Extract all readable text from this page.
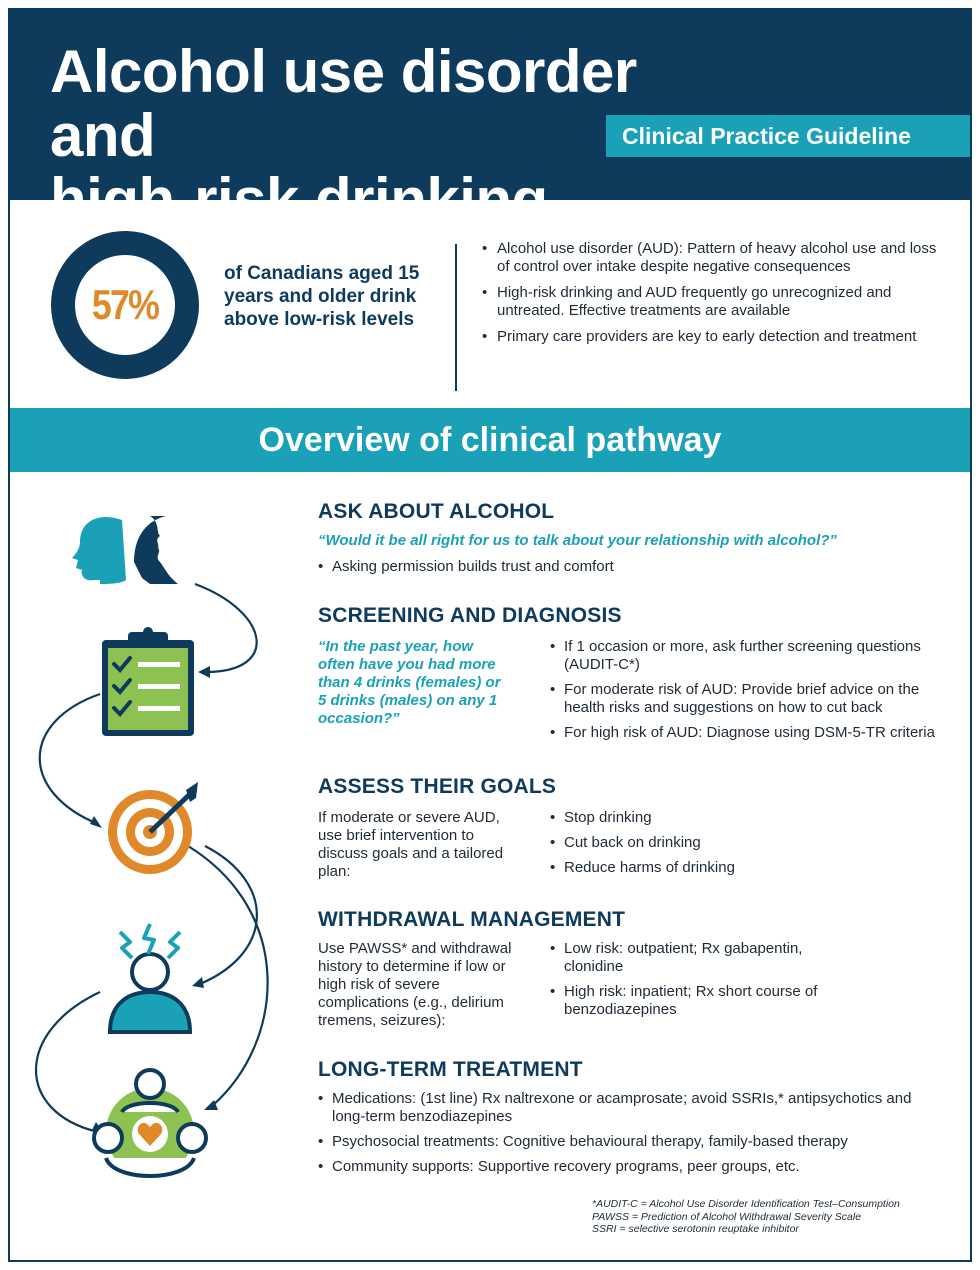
Alcohol use disorder and
high-risk drinking
Clinical Practice Guideline
57%
of Canadians aged 15 years and older drink above low-risk levels
• Alcohol use disorder (AUD): Pattern of heavy alcohol use and loss of control over intake despite negative consequences
• High-risk drinking and AUD frequently go unrecognized and untreated. Effective treatments are available
• Primary care providers are key to early detection and treatment
Overview of clinical pathway
ASK ABOUT ALCOHOL

“Would it be all right for us to talk about your relationship with alcohol?”

• Asking permission builds trust and comfort
SCREENING AND DIAGNOSIS

“In the past year, how often have you had more than 4 drinks (females) or 5 drinks (males) on any 1 occasion?”

• If 1 occasion or more, ask further screening questions (AUDIT-C*)
• For moderate risk of AUD: Provide brief advice on the health risks and suggestions on how to cut back
• For high risk of AUD: Diagnose using DSM-5-TR criteria
ASSESS THEIR GOALS

If moderate or severe AUD, use brief intervention to discuss goals and a tailored plan:

• Stop drinking
• Cut back on drinking
• Reduce harms of drinking
WITHDRAWAL MANAGEMENT

Use PAWSS* and withdrawal history to determine if low or high risk of severe complications (e.g., delirium tremens, seizures):

• Low risk: outpatient; Rx gabapentin, clonidine
• High risk: inpatient; Rx short course of benzodiazepines
LONG-TERM TREATMENT
• Medications: (1st line) Rx naltrexone or acamprosate; avoid SSRIs,* antipsychotics and long-term benzodiazepines
• Psychosocial treatments: Cognitive behavioural therapy, family-based therapy
• Community supports: Supportive recovery programs, peer groups, etc.
*AUDIT-C = Alcohol Use Disorder Identification Test–Consumption
PAWSS = Prediction of Alcohol Withdrawal Severity Scale
SSRI = selective serotonin reuptake inhibitor
